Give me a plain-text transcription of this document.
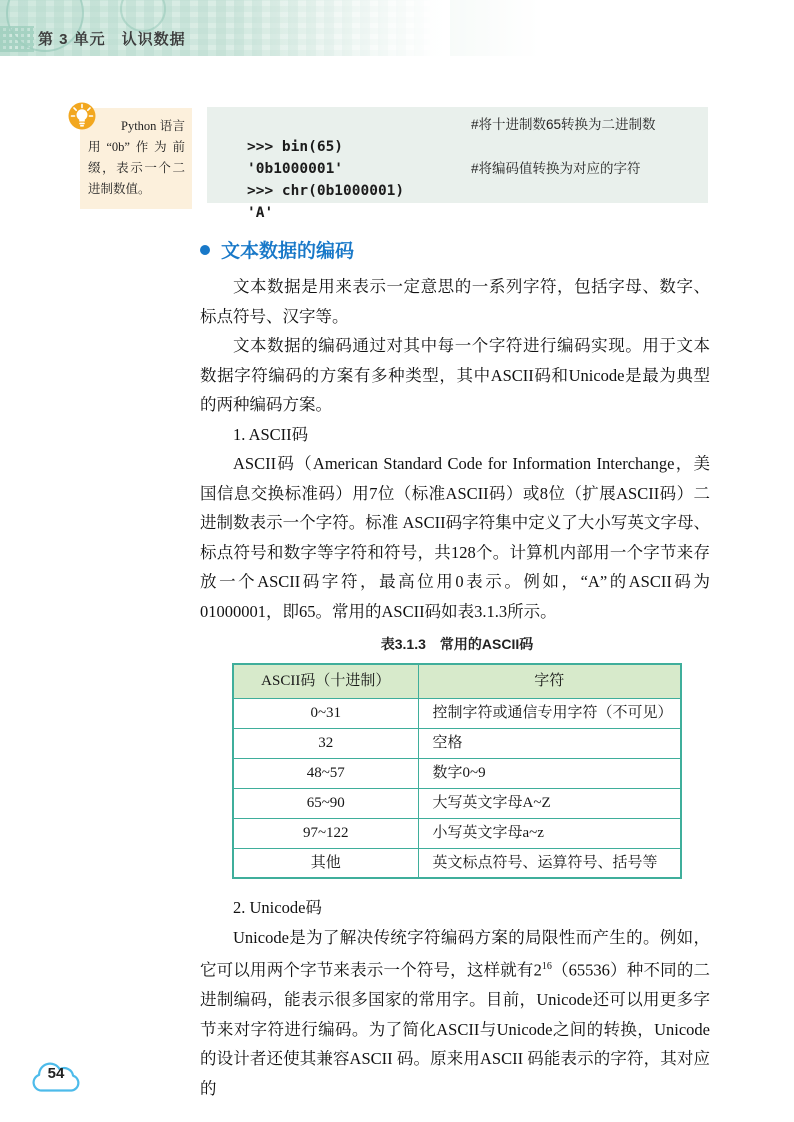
第 3 单元　认识数据

Python 语言用“0b”作为前缀，表示一个二进制数值。

>>> bin(65)

#将十进制数65转换为二进制数

'0b1000001'

>>> chr(0b1000001)

#将编码值转换为对应的字符

'A'

文本数据的编码

文本数据是用来表示一定意思的一系列字符，包括字母、数字、标点符号、汉字等。

文本数据的编码通过对其中每一个字符进行编码实现。用于文本数据字符编码的方案有多种类型，其中ASCII码和Unicode是最为典型的两种编码方案。

1. ASCII码

ASCII码（American Standard Code for Information Interchange，美国信息交换标准码）用7位（标准ASCII码）或8位（扩展ASCII码）二进制数表示一个字符。标准 ASCII码字符集中定义了大小写英文字母、标点符号和数字等字符和符号，共128个。计算机内部用一个字节来存放一个ASCII码字符，最高位用0表示。例如，“A”的ASCII码为01000001，即65。常用的ASCII码如表3.1.3所示。

表3.1.3　常用的ASCII码
ASCII码（十进制）	字符
0~31	控制字符或通信专用字符（不可见）
32	空格
48~57	数字0~9
65~90	大写英文字母A~Z
97~122	小写英文字母a~z
其他	英文标点符号、运算符号、括号等

2. Unicode码

Unicode是为了解决传统字符编码方案的局限性而产生的。例如，它可以用两个字节来表示一个符号，这样就有$2^{16}(65536)$种不同的二进制编码，能表示很多国家的常用字。目前，Unicode还可以用更多字节来对字符进行编码。为了简化ASCII与Unicode之间的转换，Unicode的设计者还使其兼容ASCII 码。原来用ASCII 码能表示的字符，其对应的

54
